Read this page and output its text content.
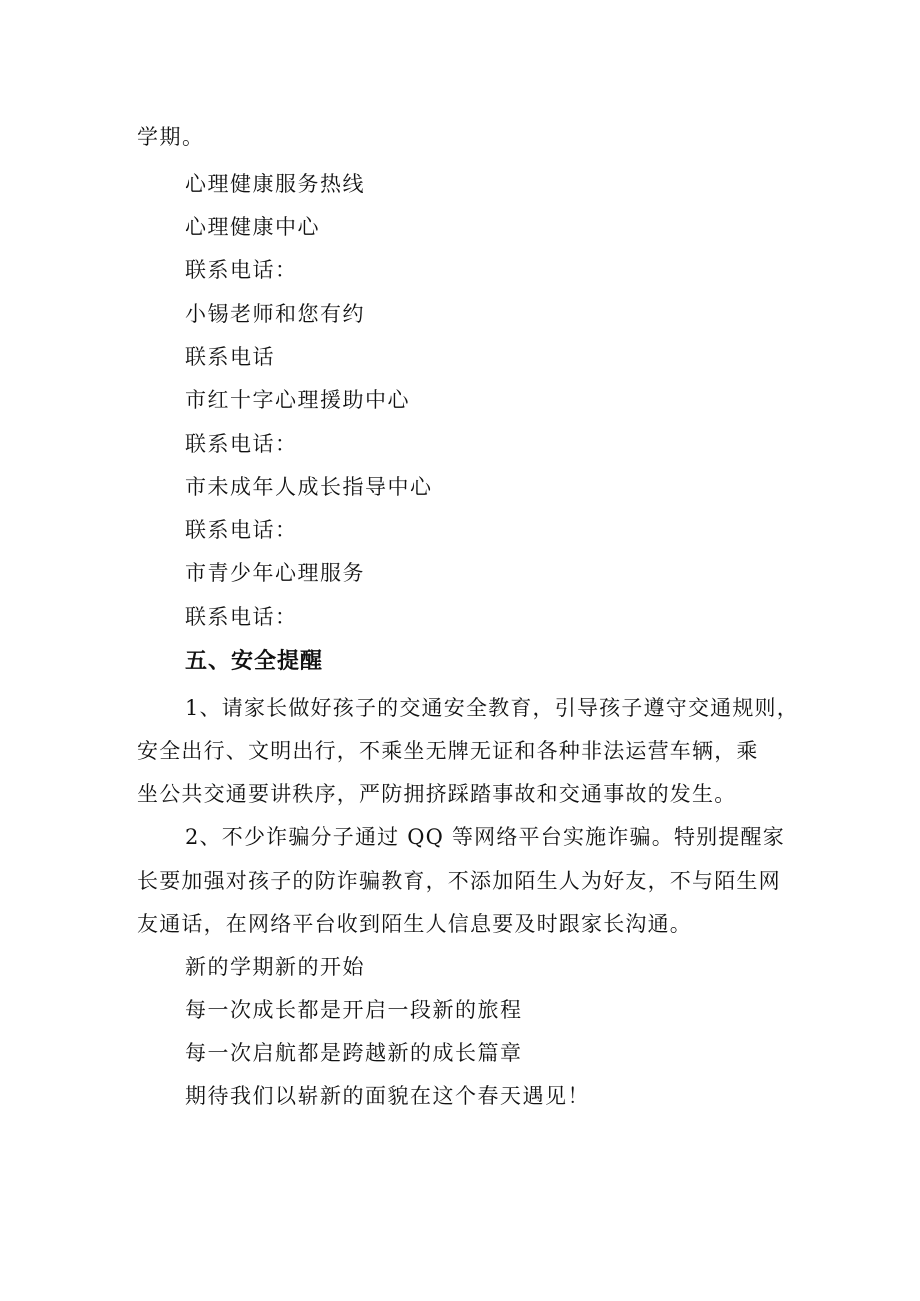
学期。
心理健康服务热线
心理健康中心
联系电话：
小锡老师和您有约
联系电话
市红十字心理援助中心
联系电话：
市未成年人成长指导中心
联系电话：
市青少年心理服务
联系电话：
五、安全提醒
1、请家长做好孩子的交通安全教育，引导孩子遵守交通规则，
安全出行、文明出行，不乘坐无牌无证和各种非法运营车辆，乘
坐公共交通要讲秩序，严防拥挤踩踏事故和交通事故的发生。
2、不少诈骗分子通过 QQ 等网络平台实施诈骗。特别提醒家
长要加强对孩子的防诈骗教育，不添加陌生人为好友，不与陌生网
友通话，在网络平台收到陌生人信息要及时跟家长沟通。
新的学期新的开始
每一次成长都是开启一段新的旅程
每一次启航都是跨越新的成长篇章
期待我们以崭新的面貌在这个春天遇见！
